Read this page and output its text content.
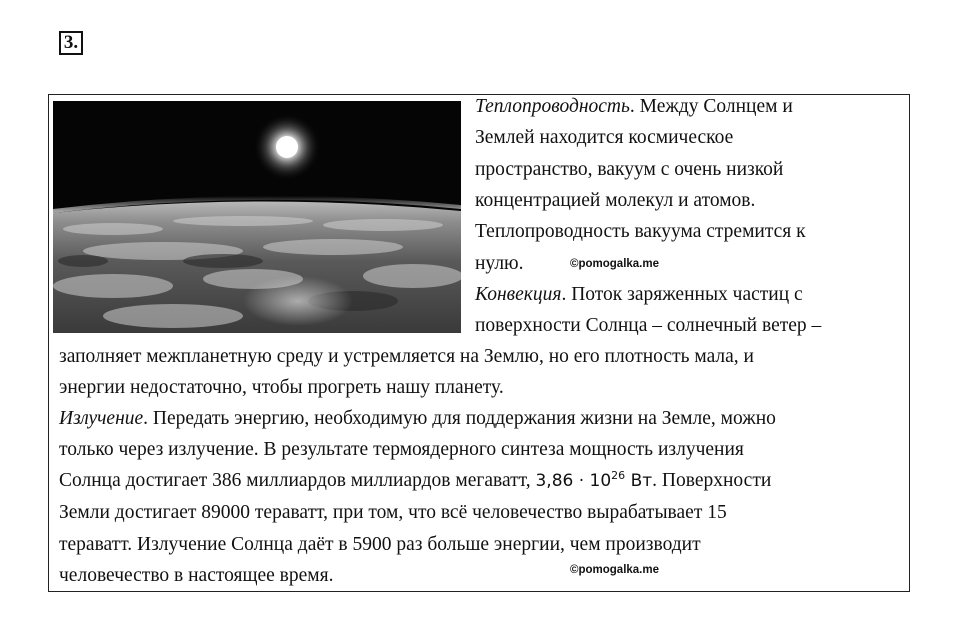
3.
Теплопроводность. Между Солнцем и
Землей находится космическое
пространство, вакуум с очень низкой
концентрацией молекул и атомов.
Теплопроводность вакуума стремится к
нулю.	©pomogalka.me
Конвекция. Поток заряженных частиц с
поверхности Солнца – солнечный ветер –
заполняет межпланетную среду и устремляется на Землю, но его плотность мала, и
энергии недостаточно, чтобы прогреть нашу планету.
Излучение. Передать энергию, необходимую для поддержания жизни на Земле, можно
только через излучение. В результате термоядерного синтеза мощность излучения
Солнца достигает 386 миллиардов миллиардов мегаватт, $3,86 \cdot 10^{26}$ Вт. Поверхности
Земли достигает 89000 тераватт, при том, что всё человечество вырабатывает 15
тераватт. Излучение Солнца даёт в 5900 раз больше энергии, чем производит
человечество в настоящее время.	©pomogalka.me
